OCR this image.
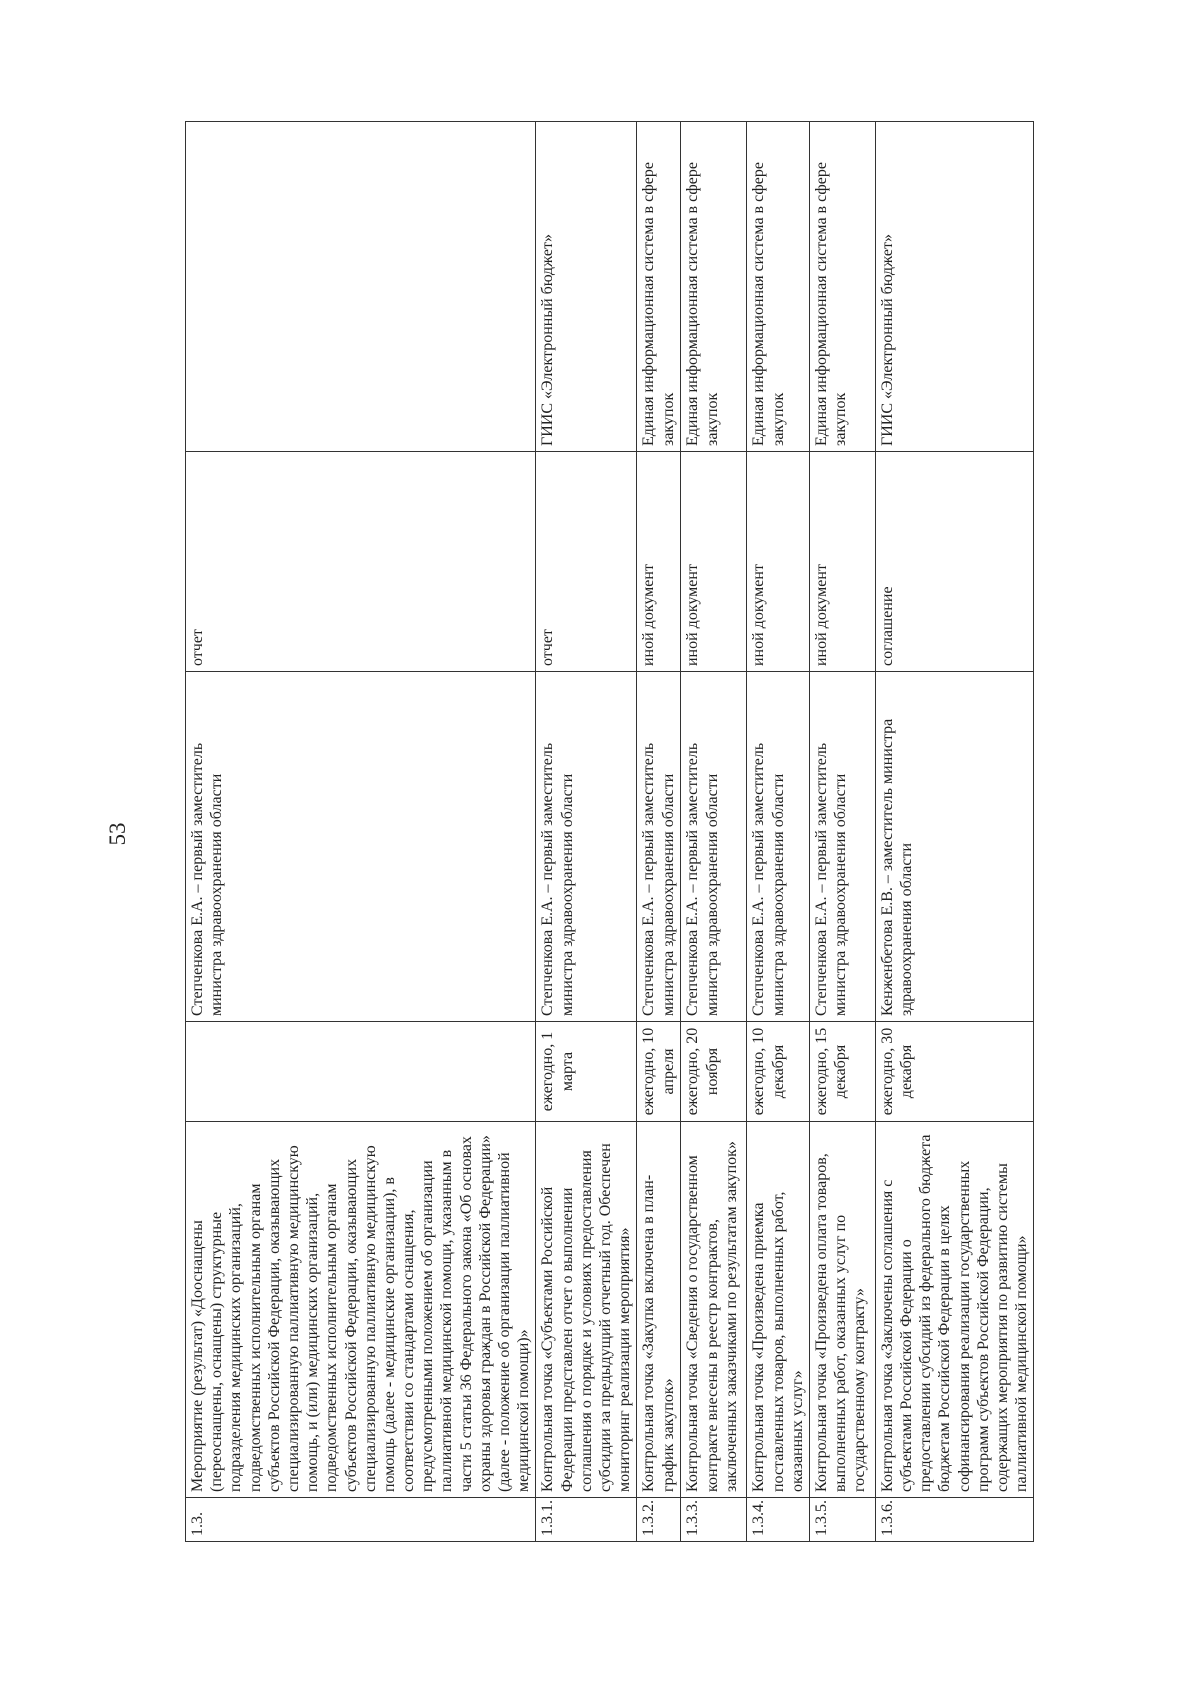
53
1.3.	Мероприятие (результат) «Дооснащены (переоснащены, оснащены) структурные подразделения медицинских организаций, подведомственных исполнительным органам субъектов Российской Федерации, оказывающих специализированную паллиативную медицинскую помощь, и (или) медицинских организаций, подведомственных исполнительным органам субъектов Российской Федерации, оказывающих специализированную паллиативную медицинскую помощь (далее - медицинские организации), в соответствии со стандартами оснащения, предусмотренными положением об организации паллиативной медицинской помощи, указанным в части 5 статьи 36 Федерального закона «Об основах охраны здоровья граждан в Российской Федерации» (далее - положение об организации паллиативной медицинской помощи)»		Степченкова Е.А. – первый заместитель министра здравоохранения области	отчет	
1.3.1.	Контрольная точка «Субъектами Российской Федерации представлен отчет о выполнении соглашения о порядке и условиях предоставления субсидии за предыдущий отчетный год. Обеспечен мониторинг реализации мероприятия»	ежегодно, 1 марта	Степченкова Е.А. – первый заместитель министра здравоохранения области	отчет	ГИИС «Электронный бюджет»
1.3.2.	Контрольная точка «Закупка включена в план-график закупок»	ежегодно, 10 апреля	Степченкова Е.А. – первый заместитель министра здравоохранения области	иной документ	Единая информационная система в сфере закупок
1.3.3.	Контрольная точка «Сведения о государственном контракте внесены в реестр контрактов, заключенных заказчиками по результатам закупок»	ежегодно, 20 ноября	Степченкова Е.А. – первый заместитель министра здравоохранения области	иной документ	Единая информационная система в сфере закупок
1.3.4.	Контрольная точка «Произведена приемка поставленных товаров, выполненных работ, оказанных услуг»	ежегодно, 10 декабря	Степченкова Е.А. – первый заместитель министра здравоохранения области	иной документ	Единая информационная система в сфере закупок
1.3.5.	Контрольная точка «Произведена оплата товаров, выполненных работ, оказанных услуг по государственному контракту»	ежегодно, 15 декабря	Степченкова Е.А. – первый заместитель министра здравоохранения области	иной документ	Единая информационная система в сфере закупок
1.3.6.	Контрольная точка «Заключены соглашения с субъектами Российской Федерации о предоставлении субсидий из федерального бюджета бюджетам Российской Федерации в целях софинансирования реализации государственных программ субъектов Российской Федерации, содержащих мероприятия по развитию системы паллиативной медицинской помощи»	ежегодно, 30 декабря	Кенженбетова Е.В. – заместитель министра здравоохранения области	соглашение	ГИИС «Электронный бюджет»
